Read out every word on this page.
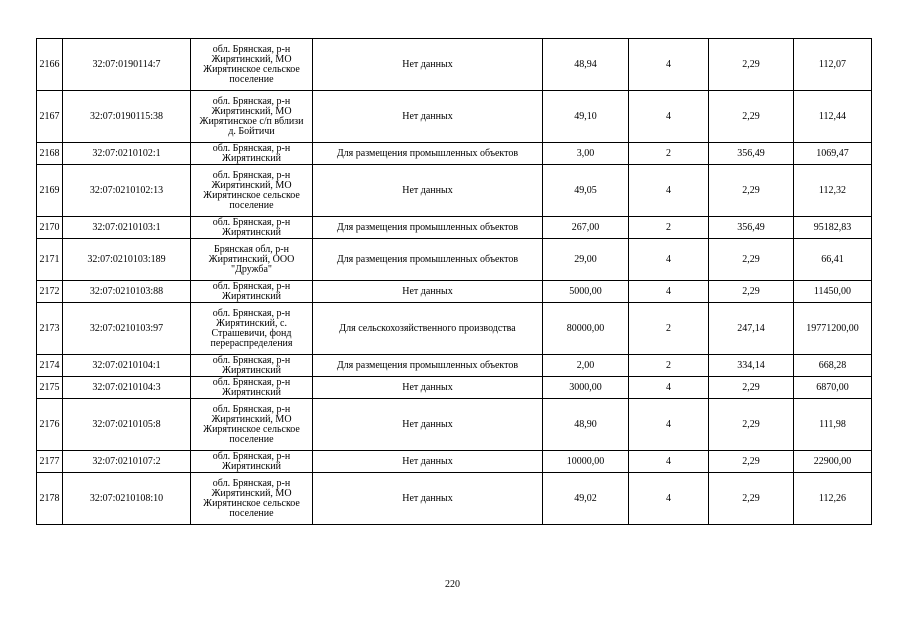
2166	32:07:0190114:7	обл. Брянская, р-н
Жирятинский, МО
Жирятинское сельское
поселение	Нет данных	48,94	4	2,29	112,07
2167	32:07:0190115:38	обл. Брянская, р-н
Жирятинский, МО
Жирятинское с/п вблизи
д. Бойтичи	Нет данных	49,10	4	2,29	112,44
2168	32:07:0210102:1	обл. Брянская, р-н
Жирятинский	Для размещения промышленных объектов	3,00	2	356,49	1069,47
2169	32:07:0210102:13	обл. Брянская, р-н
Жирятинский, МО
Жирятинское сельское
поселение	Нет данных	49,05	4	2,29	112,32
2170	32:07:0210103:1	обл. Брянская, р-н
Жирятинский	Для размещения промышленных объектов	267,00	2	356,49	95182,83
2171	32:07:0210103:189	Брянская обл, р-н
Жирятинский, ООО
"Дружба"	Для размещения промышленных объектов	29,00	4	2,29	66,41
2172	32:07:0210103:88	обл. Брянская, р-н
Жирятинский	Нет данных	5000,00	4	2,29	11450,00
2173	32:07:0210103:97	обл. Брянская, р-н
Жирятинский, с.
Страшевичи, фонд
перераспределения	Для сельскохозяйственного производства	80000,00	2	247,14	19771200,00
2174	32:07:0210104:1	обл. Брянская, р-н
Жирятинский	Для размещения промышленных объектов	2,00	2	334,14	668,28
2175	32:07:0210104:3	обл. Брянская, р-н
Жирятинский	Нет данных	3000,00	4	2,29	6870,00
2176	32:07:0210105:8	обл. Брянская, р-н
Жирятинский, МО
Жирятинское сельское
поселение	Нет данных	48,90	4	2,29	111,98
2177	32:07:0210107:2	обл. Брянская, р-н
Жирятинский	Нет данных	10000,00	4	2,29	22900,00
2178	32:07:0210108:10	обл. Брянская, р-н
Жирятинский, МО
Жирятинское сельское
поселение	Нет данных	49,02	4	2,29	112,26
220
